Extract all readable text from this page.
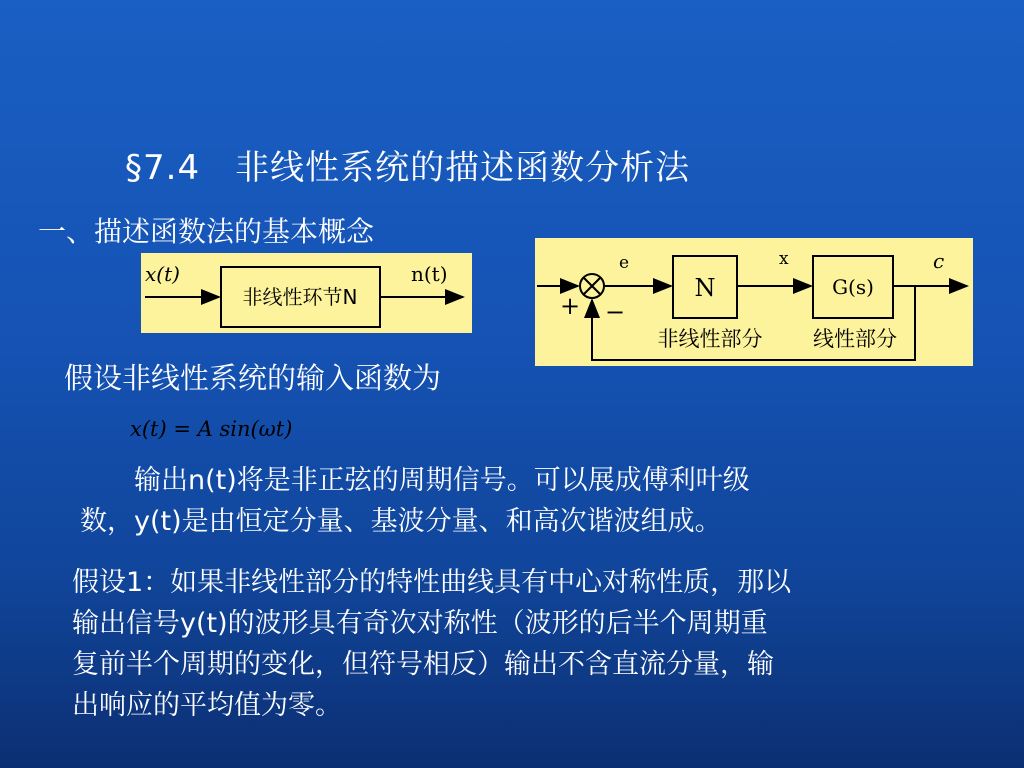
§7.4　非线性系统的描述函数分析法
一、描述函数法的基本概念
x(t)
非线性环节N
n(t)
+ −
e
N
x
G(s)
c
非线性部分 线性部分
假设非线性系统的输入函数为
x(t) = A sin(ωt)
　　输出n(t)将是非正弦的周期信号。可以展成傅利叶级
数，y(t)是由恒定分量、基波分量、和高次谐波组成。
假设1：如果非线性部分的特性曲线具有中心对称性质，那以
输出信号y(t)的波形具有奇次对称性（波形的后半个周期重
复前半个周期的变化，但符号相反）输出不含直流分量，输
出响应的平均值为零。
